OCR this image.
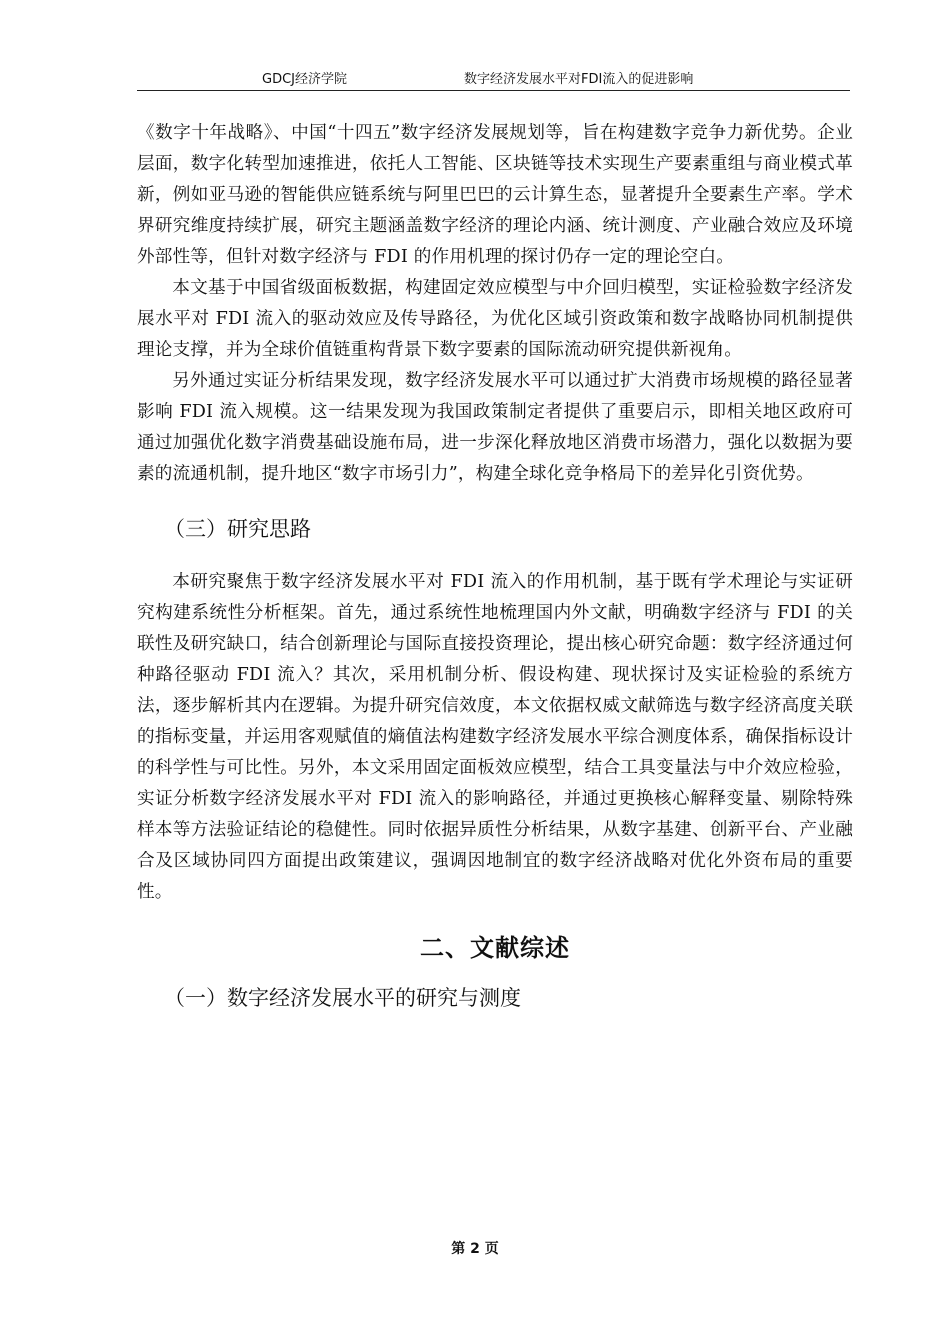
GDCJ经济学院	数字经济发展水平对FDI流入的促进影响

《数字十年战略》、中国“十四五”数字经济发展规划等，旨在构建数字竞争力新优势。企业层面，数字化转型加速推进，依托人工智能、区块链等技术实现生产要素重组与商业模式革新，例如亚马逊的智能供应链系统与阿里巴巴的云计算生态，显著提升全要素生产率。学术界研究维度持续扩展，研究主题涵盖数字经济的理论内涵、统计测度、产业融合效应及环境外部性等，但针对数字经济与 FDI 的作用机理的探讨仍存一定的理论空白。

本文基于中国省级面板数据，构建固定效应模型与中介回归模型，实证检验数字经济发展水平对 FDI 流入的驱动效应及传导路径，为优化区域引资政策和数字战略协同机制提供理论支撑，并为全球价值链重构背景下数字要素的国际流动研究提供新视角。

另外通过实证分析结果发现，数字经济发展水平可以通过扩大消费市场规模的路径显著影响 FDI 流入规模。这一结果发现为我国政策制定者提供了重要启示，即相关地区政府可通过加强优化数字消费基础设施布局，进一步深化释放地区消费市场潜力，强化以数据为要素的流通机制，提升地区“数字市场引力”，构建全球化竞争格局下的差异化引资优势。

（三）研究思路

本研究聚焦于数字经济发展水平对 FDI 流入的作用机制，基于既有学术理论与实证研究构建系统性分析框架。首先，通过系统性地梳理国内外文献，明确数字经济与 FDI 的关联性及研究缺口，结合创新理论与国际直接投资理论，提出核心研究命题：数字经济通过何种路径驱动 FDI 流入？其次，采用机制分析、假设构建、现状探讨及实证检验的系统方法，逐步解析其内在逻辑。为提升研究信效度，本文依据权威文献筛选与数字经济高度关联的指标变量，并运用客观赋值的熵值法构建数字经济发展水平综合测度体系，确保指标设计的科学性与可比性。另外，本文采用固定面板效应模型，结合工具变量法与中介效应检验，实证分析数字经济发展水平对 FDI 流入的影响路径，并通过更换核心解释变量、剔除特殊样本等方法验证结论的稳健性。同时依据异质性分析结果，从数字基建、创新平台、产业融合及区域协同四方面提出政策建议，强调因地制宜的数字经济战略对优化外资布局的重要性。

二、文献综述
（一）数字经济发展水平的研究与测度
第 2 页
